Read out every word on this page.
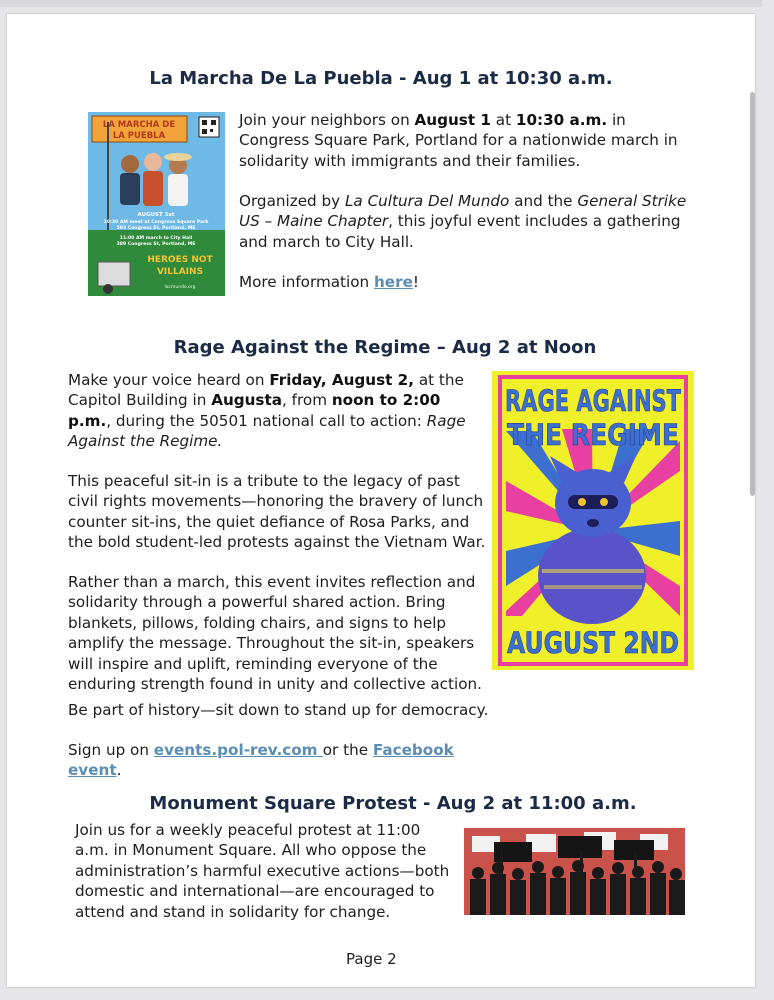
La Marcha De La Puebla - Aug 1 at 10:30 a.m.
LA MARCHA DE
LA PUEBLA
AUGUST 1st
10:30 AM meet at Congress Square Park
593 Congress St, Portland, ME
11:00 AM march to City Hall
389 Congress St, Portland, ME
HEROES NOT
VILLAINS
lacmundo.org

Join your neighbors on August 1 at 10:30 a.m. in Congress Square Park, Portland for a nationwide march in solidarity with immigrants and their families.

Organized by La Cultura Del Mundo and the General Strike US – Maine Chapter, this joyful event includes a gathering and march to City Hall.

More information here!

Rage Against the Regime – Aug 2 at Noon

Make your voice heard on Friday, August 2, at the Capitol Building in Augusta, from noon to 2:00 p.m., during the 50501 national call to action: Rage Against the Regime.

This peaceful sit-in is a tribute to the legacy of past civil rights movements—honoring the bravery of lunch counter sit-ins, the quiet defiance of Rosa Parks, and the bold student-led protests against the Vietnam War.

Rather than a march, this event invites reflection and solidarity through a powerful shared action. Bring blankets, pillows, folding chairs, and signs to help amplify the message. Throughout the sit-in, speakers will inspire and uplift, reminding everyone of the enduring strength found in unity and collective action.

Be part of history—sit down to stand up for democracy.

Sign up on events.pol-rev.com or the Facebook event.

RAGE AGAINST
THE REGIME
AUGUST 2ND
Monument Square Protest - Aug 2 at 11:00 a.m.

Join us for a weekly peaceful protest at 11:00 a.m. in Monument Square. All who oppose the administration’s harmful executive actions—both domestic and international—are encouraged to attend and stand in solidarity for change.

Page 2
